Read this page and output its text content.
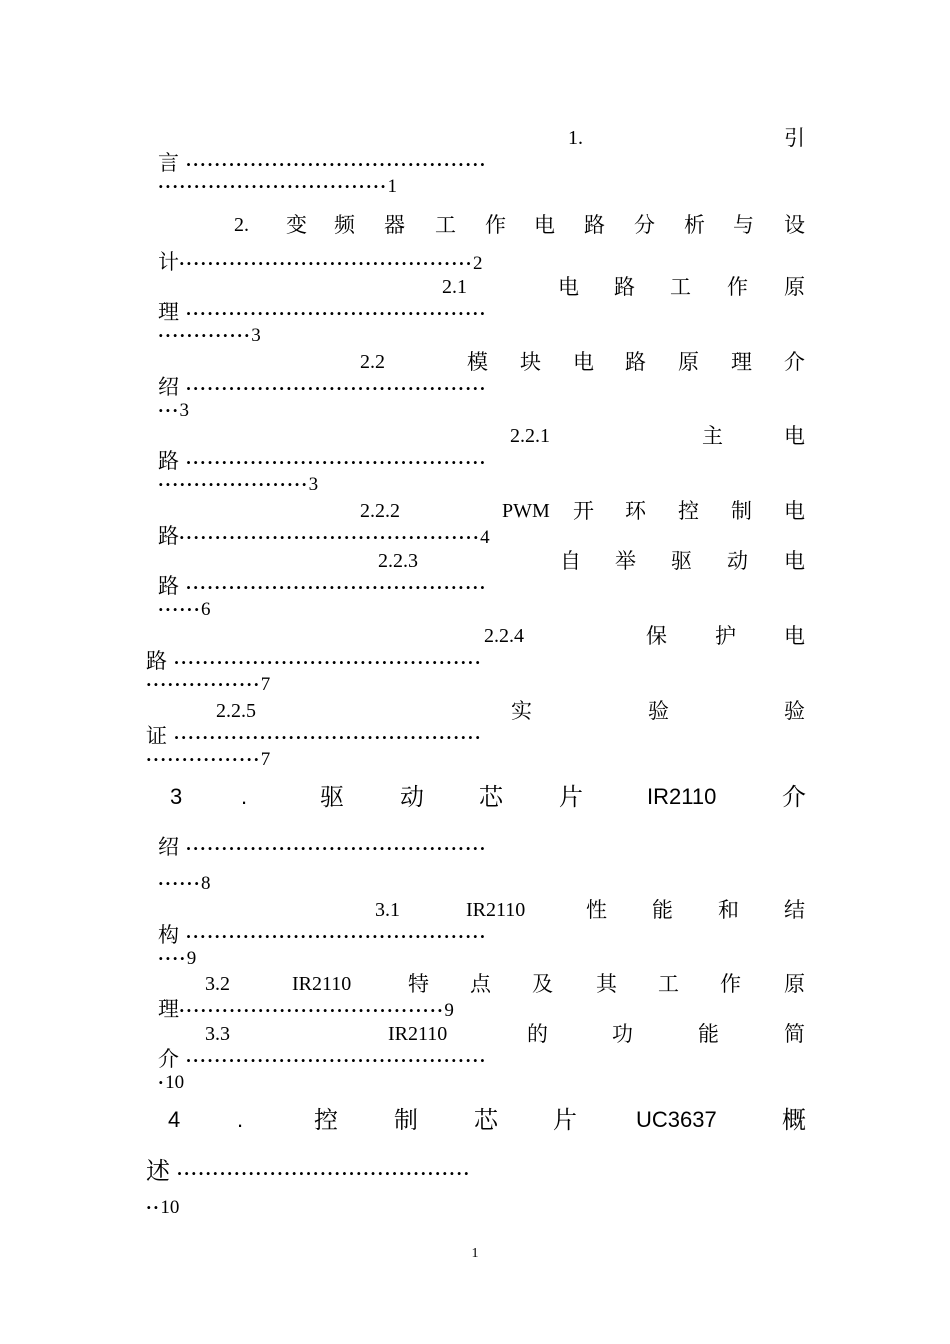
1.	引
言 ··········································
································1
2. 变 频 器 工 作 电 路 分 析 与 设
计·········································2
2.1	电 路 工 作 原
理 ··········································
·············3
2.2	模 块 电 路 原 理 介
绍 ··········································
···3
2.2.1	主	电
路 ··········································
·····················3
2.2.2	PWM 开 环 控 制 电
路··········································4
2.2.3	自 举 驱 动 电
路 ··········································
······6
2.2.4	保 护 电
路 ···········································
················7
2.2.5	实	验	验
证 ···········································
················7
3	.	驱 动 芯 片	IR2110	介
绍 ··········································
······8
3.1	IR2110	性 能 和 结
构 ··········································
····9
3.2	IR2110	特 点 及 其 工 作 原
理·····································9
3.3	IR2110	的	功	能	简
介 ··········································
·10
4	.	控 制 芯 片	UC3637	概
述 ·········································
··10
1
